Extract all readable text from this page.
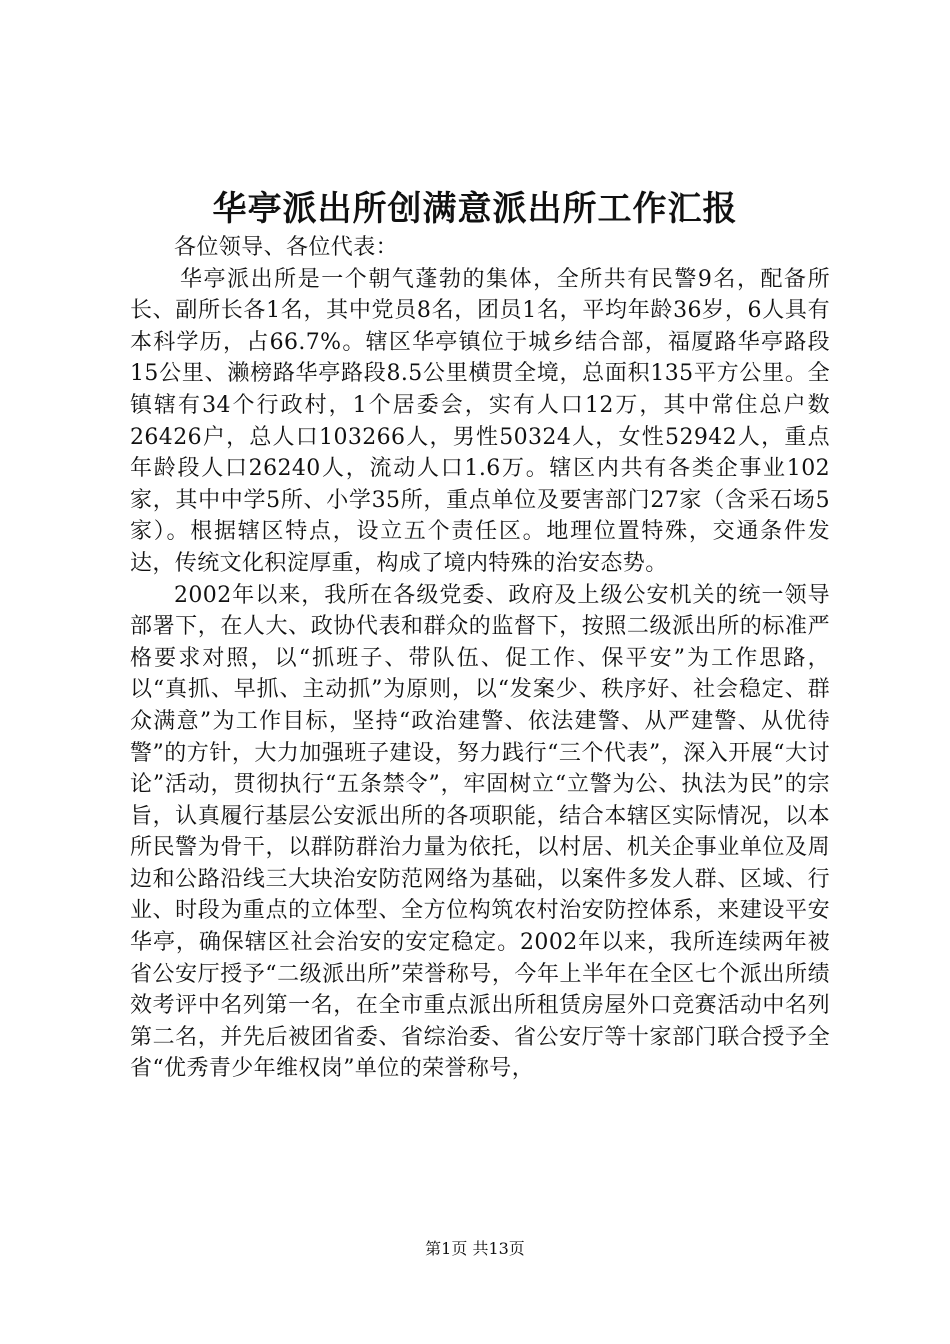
华亭派出所创满意派出所工作汇报

各位领导、各位代表：

华亭派出所是一个朝气蓬勃的集体，全所共有民警9名，配备所长、副所长各1名，其中党员8名，团员1名，平均年龄36岁，6人具有本科学历，占66.7%。辖区华亭镇位于城乡结合部，福厦路华亭路段15公里、濑榜路华亭路段8.5公里横贯全境，总面积135平方公里。全镇辖有34个行政村，1个居委会，实有人口12万，其中常住总户数26426户，总人口103266人，男性50324人，女性52942人，重点年龄段人口26240人，流动人口1.6万。辖区内共有各类企事业102家，其中中学5所、小学35所，重点单位及要害部门27家（含采石场5家）。根据辖区特点，设立五个责任区。地理位置特殊，交通条件发达，传统文化积淀厚重，构成了境内特殊的治安态势。

2002年以来，我所在各级党委、政府及上级公安机关的统一领导部署下，在人大、政协代表和群众的监督下，按照二级派出所的标准严格要求对照，以“抓班子、带队伍、促工作、保平安”为工作思路，以“真抓、早抓、主动抓”为原则，以“发案少、秩序好、社会稳定、群众满意”为工作目标，坚持“政治建警、依法建警、从严建警、从优待警”的方针，大力加强班子建设，努力践行“三个代表”，深入开展“大讨论”活动，贯彻执行“五条禁令”，牢固树立“立警为公、执法为民”的宗旨，认真履行基层公安派出所的各项职能，结合本辖区实际情况，以本所民警为骨干，以群防群治力量为依托，以村居、机关企事业单位及周边和公路沿线三大块治安防范网络为基础，以案件多发人群、区域、行业、时段为重点的立体型、全方位构筑农村治安防控体系，来建设平安华亭，确保辖区社会治安的安定稳定。2002年以来，我所连续两年被省公安厅授予“二级派出所”荣誉称号，今年上半年在全区七个派出所绩效考评中名列第一名，在全市重点派出所租赁房屋外口竞赛活动中名列第二名，并先后被团省委、省综治委、省公安厅等十家部门联合授予全省“优秀青少年维权岗”单位的荣誉称号，

第1页 共13页
